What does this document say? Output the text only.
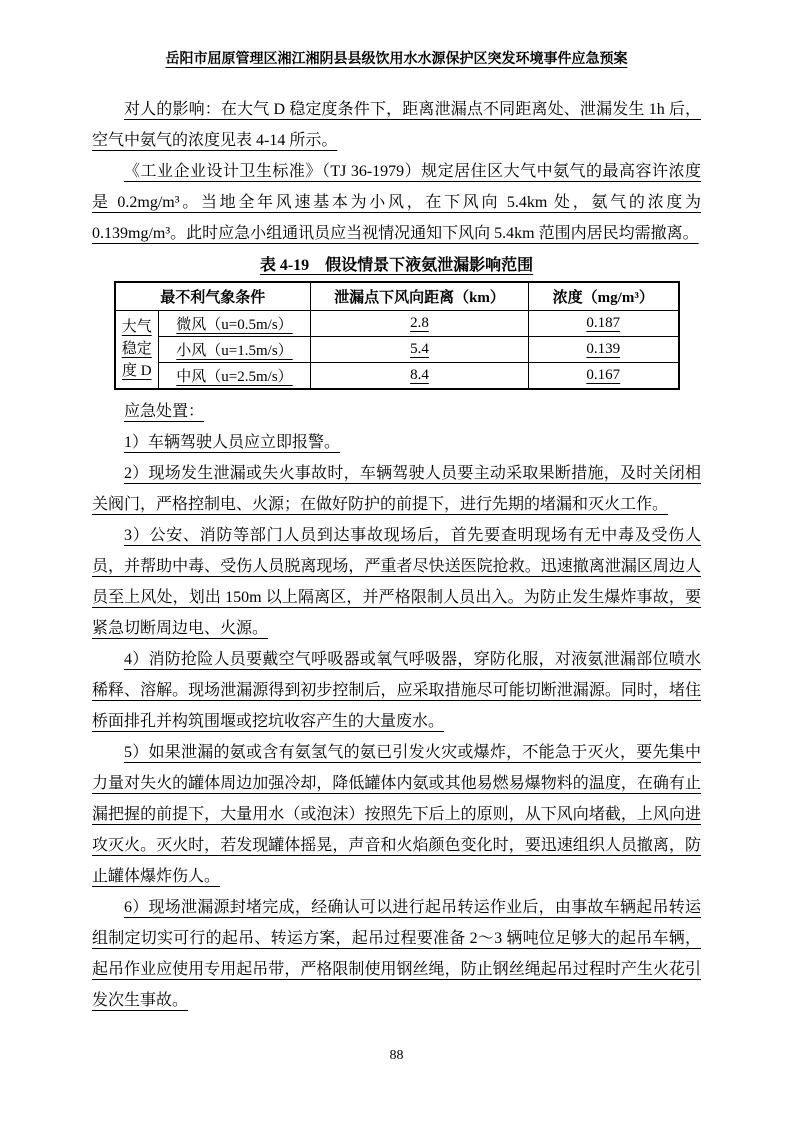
岳阳市屈原管理区湘江湘阴县县级饮用水水源保护区突发环境事件应急预案

对人的影响：在大气 D 稳定度条件下，距离泄漏点不同距离处、泄漏发生 1h 后，空气中氨气的浓度见表 4-14 所示。

《工业企业设计卫生标准》（TJ 36-1979）规定居住区大气中氨气的最高容许浓度是 0.2mg/m³。当地全年风速基本为小风，在下风向 5.4km 处，氨气的浓度为 0.139mg/m³。此时应急小组通讯员应当视情况通知下风向 5.4km 范围内居民均需撤离。

表 4-19　假设情景下液氨泄漏影响范围
最不利气象条件		泄漏点下风向距离（km）	浓度（mg/m³）
大气稳定度 D	微风（u=0.5m/s）	2.8	0.187
	小风（u=1.5m/s）	5.4	0.139
	中风（u=2.5m/s）	8.4	0.167

应急处置：

1）车辆驾驶人员应立即报警。

2）现场发生泄漏或失火事故时，车辆驾驶人员要主动采取果断措施，及时关闭相关阀门，严格控制电、火源；在做好防护的前提下，进行先期的堵漏和灭火工作。

3）公安、消防等部门人员到达事故现场后，首先要查明现场有无中毒及受伤人员，并帮助中毒、受伤人员脱离现场，严重者尽快送医院抢救。迅速撤离泄漏区周边人员至上风处，划出 150m 以上隔离区，并严格限制人员出入。为防止发生爆炸事故，要紧急切断周边电、火源。

4）消防抢险人员要戴空气呼吸器或氧气呼吸器，穿防化服，对液氨泄漏部位喷水稀释、溶解。现场泄漏源得到初步控制后，应采取措施尽可能切断泄漏源。同时，堵住桥面排孔并构筑围堰或挖坑收容产生的大量废水。

5）如果泄漏的氨或含有氨氢气的氨已引发火灾或爆炸，不能急于灭火，要先集中力量对失火的罐体周边加强冷却，降低罐体内氨或其他易燃易爆物料的温度，在确有止漏把握的前提下，大量用水（或泡沫）按照先下后上的原则，从下风向堵截，上风向进攻灭火。灭火时，若发现罐体摇晃，声音和火焰颜色变化时，要迅速组织人员撤离，防止罐体爆炸伤人。

6）现场泄漏源封堵完成，经确认可以进行起吊转运作业后，由事故车辆起吊转运组制定切实可行的起吊、转运方案，起吊过程要准备 2～3 辆吨位足够大的起吊车辆，起吊作业应使用专用起吊带，严格限制使用钢丝绳，防止钢丝绳起吊过程时产生火花引发次生事故。

88
